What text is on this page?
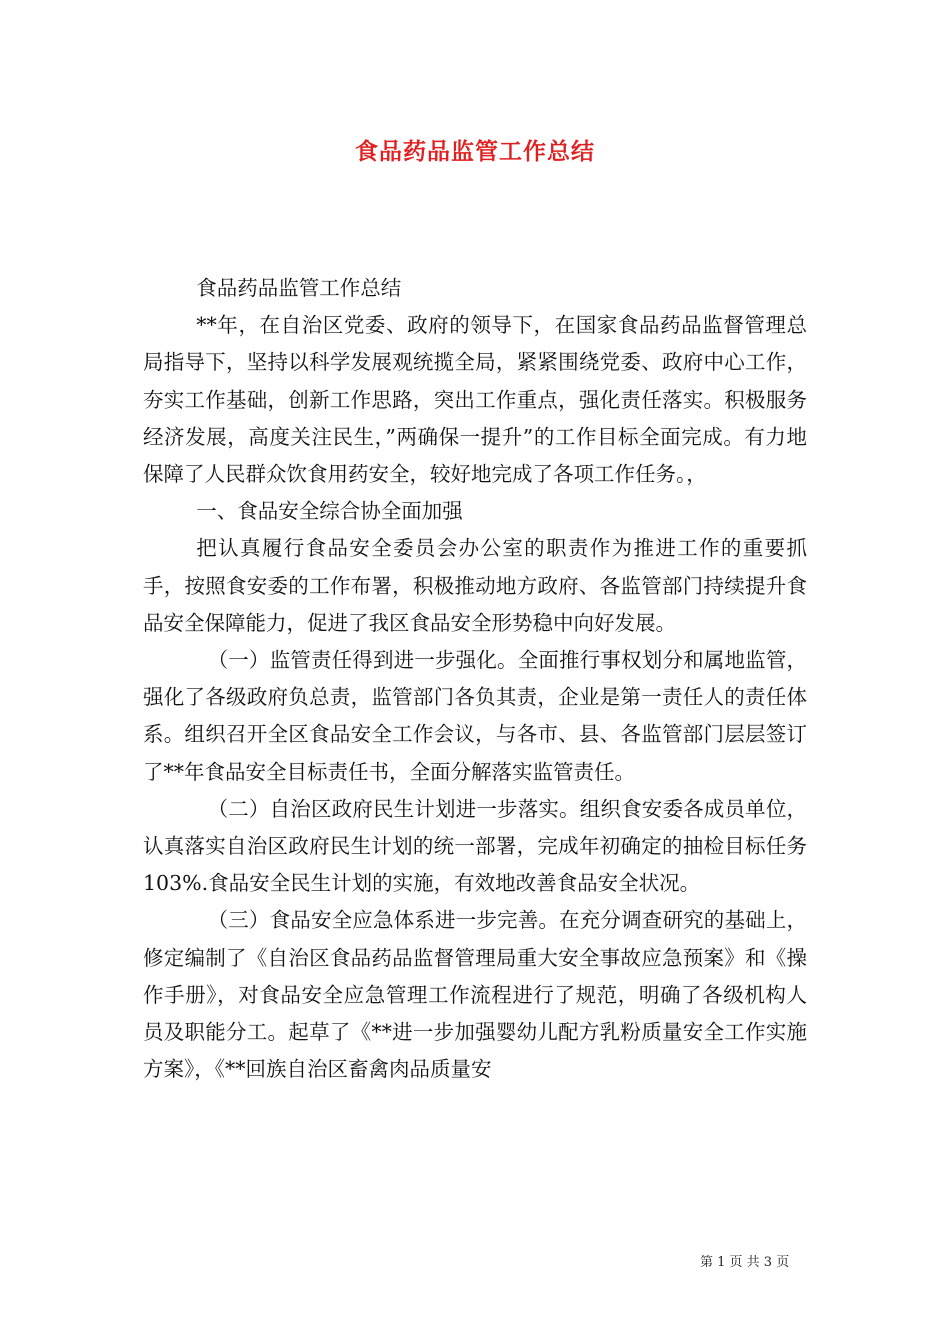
食品药品监管工作总结

食品药品监管工作总结

**年，在自治区党委、政府的领导下，在国家食品药品监督管理总局指导下，坚持以科学发展观统揽全局，紧紧围绕党委、政府中心工作，夯实工作基础，创新工作思路，突出工作重点，强化责任落实。积极服务经济发展，高度关注民生，”两确保一提升”的工作目标全面完成。有力地保障了人民群众饮食用药安全，较好地完成了各项工作任务。，

一、食品安全综合协全面加强

把认真履行食品安全委员会办公室的职责作为推进工作的重要抓手，按照食安委的工作布署，积极推动地方政府、各监管部门持续提升食品安全保障能力，促进了我区食品安全形势稳中向好发展。

（一）监管责任得到进一步强化。全面推行事权划分和属地监管，强化了各级政府负总责，监管部门各负其责，企业是第一责任人的责任体系。组织召开全区食品安全工作会议，与各市、县、各监管部门层层签订了**年食品安全目标责任书，全面分解落实监管责任。

（二）自治区政府民生计划进一步落实。组织食安委各成员单位，认真落实自治区政府民生计划的统一部署，完成年初确定的抽检目标任务103%.食品安全民生计划的实施，有效地改善食品安全状况。

（三）食品安全应急体系进一步完善。在充分调查研究的基础上，修定编制了《自治区食品药品监督管理局重大安全事故应急预案》和《操作手册》，对食品安全应急管理工作流程进行了规范，明确了各级机构人员及职能分工。起草了《**进一步加强婴幼儿配方乳粉质量安全工作实施方案》，《**回族自治区畜禽肉品质量安

第 1 页 共 3 页
